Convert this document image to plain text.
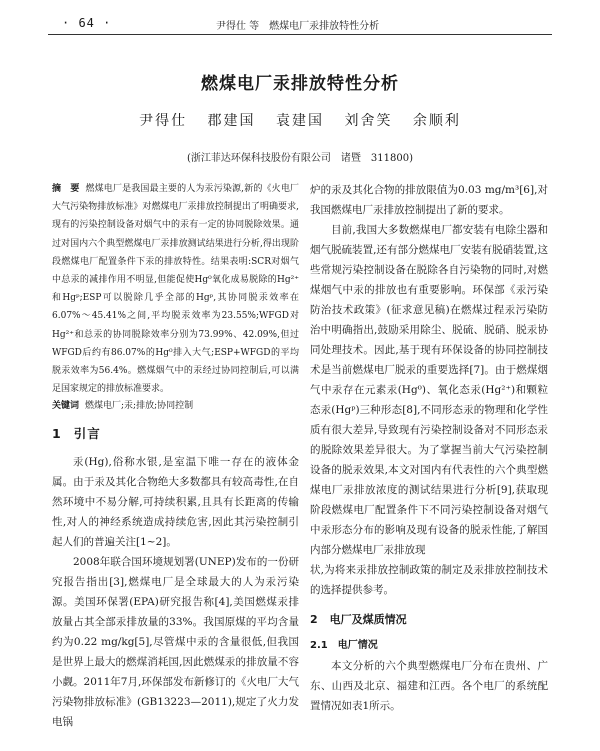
· 64 ·	尹得仕 等　燃煤电厂汞排放特性分析
燃煤电厂汞排放特性分析
尹得仕 郡建国 袁建国 刘舍笑 余顺利
(浙江菲达环保科技股份有限公司　诸暨　311800)

摘　要 燃煤电厂是我国最主要的人为汞污染源,新的《火电厂大气污染物排放标准》对燃煤电厂汞排放控制提出了明确要求,现有的污染控制设备对烟气中的汞有一定的协同脱除效果。通过对国内六个典型燃煤电厂汞排放测试结果进行分析,得出现阶段燃煤电厂配置条件下汞的排放特性。结果表明:SCR对烟气中总汞的减排作用不明显,但能促使Hg⁰氧化成易脱除的Hg²⁺和Hgᵖ;ESP可以脱除几乎全部的Hgᵖ,其协同脱汞效率在6.07%～45.41%之间,平均脱汞效率为23.55%;WFGD对Hg²⁺和总汞的协同脱除效率分别为73.99%、42.09%,但过WFGD后约有86.07%的Hg⁰排入大气;ESP+WFGD的平均脱汞效率为56.4%。燃煤烟气中的汞经过协同控制后,可以满足国家规定的排放标准要求。

关键词 燃煤电厂;汞;排放;协同控制

1 引言

汞(Hg),俗称水银,是室温下唯一存在的液体金属。由于汞及其化合物绝大多数都具有较高毒性,在自然环境中不易分解,可持续积累,且具有长距离的传输性,对人的神经系统造成持续危害,因此其污染控制引起人们的普遍关注[1~2]。

2008年联合国环境规划署(UNEP)发布的一份研究报告指出[3],燃煤电厂是全球最大的人为汞污染源。美国环保署(EPA)研究报告称[4],美国燃煤汞排放量占其全部汞排放量的33%。我国原煤的平均含量约为0.22 mg/kg[5],尽管煤中汞的含量很低,但我国是世界上最大的燃煤消耗国,因此燃煤汞的排放量不容小觑。2011年7月,环保部发布新修订的《火电厂大气污染物排放标准》(GB13223—2011),规定了火力发电锅

炉的汞及其化合物的排放限值为0.03 mg/m³[6],对我国燃煤电厂汞排放控制提出了新的要求。

目前,我国大多数燃煤电厂都安装有电除尘器和烟气脱硫装置,还有部分燃煤电厂安装有脱硝装置,这些常规污染控制设备在脱除各自污染物的同时,对燃煤烟气中汞的排放也有重要影响。环保部《汞污染防治技术政策》(征求意见稿)在燃煤过程汞污染防治中明确指出,鼓励采用除尘、脱硫、脱硝、脱汞协同处理技术。因此,基于现有环保设备的协同控制技术是当前燃煤电厂脱汞的重要选择[7]。由于燃煤烟气中汞存在元素汞(Hg⁰)、氧化态汞(Hg²⁺)和颗粒态汞(Hgᵖ)三种形态[8],不同形态汞的物理和化学性质有很大差异,导致现有污染控制设备对不同形态汞的脱除效果差异很大。为了掌握当前大气污染控制设备的脱汞效果,本文对国内有代表性的六个典型燃煤电厂汞排放浓度的测试结果进行分析[9],获取现阶段燃煤电厂配置条件下不同污染控制设备对烟气中汞形态分布的影响及现有设备的脱汞性能,了解国内部分燃煤电厂汞排放现

状,为将来汞排放控制政策的制定及汞排放控制技术的选择提供参考。

2 电厂及煤质情况
2.1 电厂情况

本文分析的六个典型燃煤电厂分布在贵州、广东、山西及北京、福建和江西。各个电厂的系统配置情况如表1所示。
